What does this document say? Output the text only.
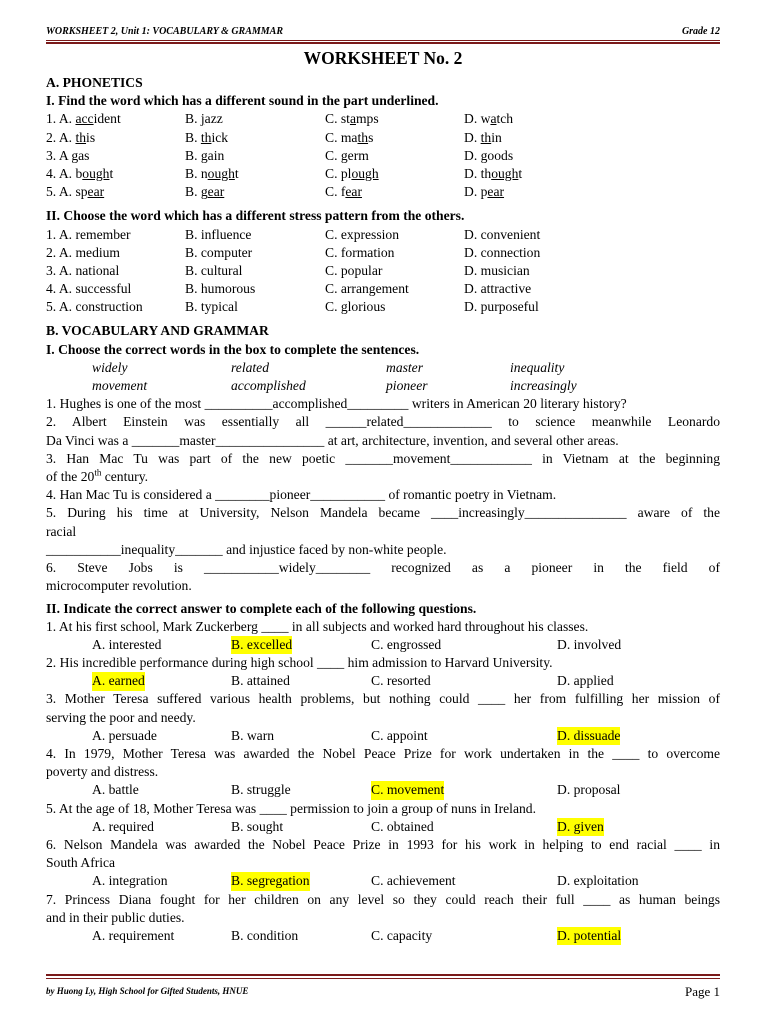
WORKSHEET 2, Unit 1: VOCABULARY & GRAMMAR	Grade 12
WORKSHEET No. 2
A. PHONETICS
I. Find the word which has a different sound in the part underlined.
1. A. accident	B. jazz	C. stamps	D. watch
2. A. this	B. thick	C. maths	D. thin
3. A gas	B. gain	C. germ	D. goods
4. A. bought	B. nought	C. plough	D. thought
5. A. spear	B. gear	C. fear	D. pear
II. Choose the word which has a different stress pattern from the others.
1. A. remember	B. influence	C. expression	D. convenient
2. A. medium	B. computer	C. formation	D. connection
3. A. national	B. cultural	C. popular	D. musician
4. A. successful	B. humorous	C. arrangement	D. attractive
5. A. construction	B. typical	C. glorious	D. purposeful
B. VOCABULARY AND GRAMMAR
I. Choose the correct words in the box to complete the sentences.
widely	related	master	inequality
movement	accomplished	pioneer	increasingly
1. Hughes is one of the most __________accomplished_________ writers in American 20 literary history?
2. Albert Einstein was essentially all ______related_____________ to science meanwhile Leonardo
Da Vinci was a _______master________________ at art, architecture, invention, and several other areas.
3. Han Mac Tu was part of the new poetic _______movement____________ in Vietnam at the beginning
of the 20th century.
4. Han Mac Tu is considered a ________pioneer___________ of romantic poetry in Vietnam.
5. During his time at University, Nelson Mandela became ____increasingly_______________ aware of the
racial
___________inequality_______ and injustice faced by non-white people.
6. Steve Jobs is ___________widely________ recognized as a pioneer in the field of
microcomputer revolution.
II. Indicate the correct answer to complete each of the following questions.
1. At his first school, Mark Zuckerberg ____ in all subjects and worked hard throughout his classes.
A. interested	B. excelled	C. engrossed	D. involved
2. His incredible performance during high school ____ him admission to Harvard University.
A. earned	B. attained	C. resorted	D. applied
3. Mother Teresa suffered various health problems, but nothing could ____ her from fulfilling her mission of
serving the poor and needy.
A. persuade	B. warn	C. appoint	D. dissuade
4. In 1979, Mother Teresa was awarded the Nobel Peace Prize for work undertaken in the ____ to overcome
poverty and distress.
A. battle	B. struggle	C. movement	D. proposal
5. At the age of 18, Mother Teresa was ____ permission to join a group of nuns in Ireland.
A. required	B. sought	C. obtained	D. given
6. Nelson Mandela was awarded the Nobel Peace Prize in 1993 for his work in helping to end racial ____ in
South Africa
A. integration	B. segregation	C. achievement	D. exploitation
7. Princess Diana fought for her children on any level so they could reach their full ____ as human beings
and in their public duties.
A. requirement	B. condition	C. capacity	D. potential
by Huong Ly, High School for Gifted Students, HNUE	Page 1
